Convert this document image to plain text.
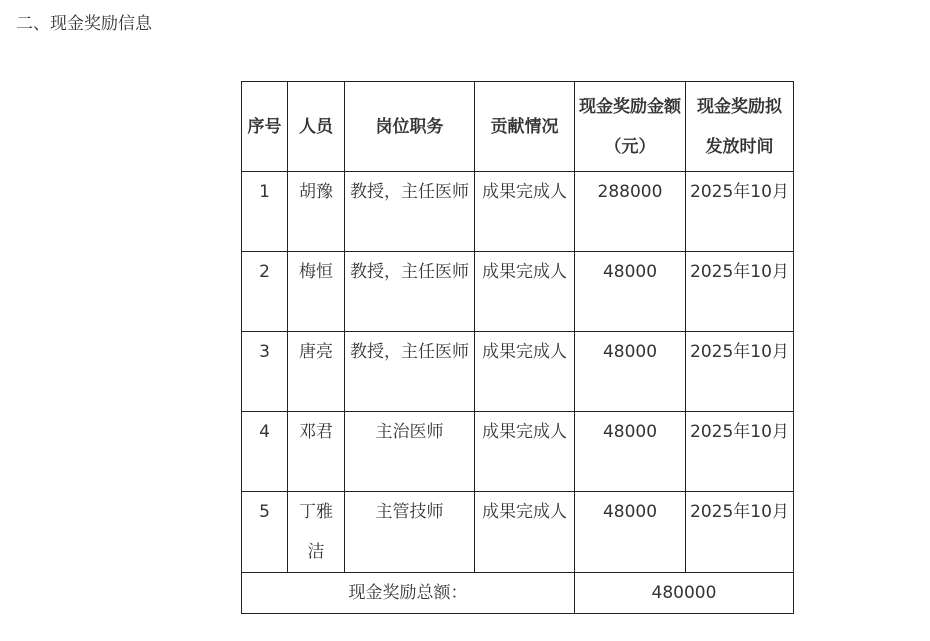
二、现金奖励信息
序号	人员	岗位职务	贡献情况	现金奖励金额（元）	现金奖励拟发放时间
1	胡豫	教授，主任医师	成果完成人	288000	2025年10月
2	梅恒	教授，主任医师	成果完成人	48000	2025年10月
3	唐亮	教授，主任医师	成果完成人	48000	2025年10月
4	邓君	主治医师	成果完成人	48000	2025年10月
5	丁雅洁	主管技师	成果完成人	48000	2025年10月
现金奖励总额：				480000	
